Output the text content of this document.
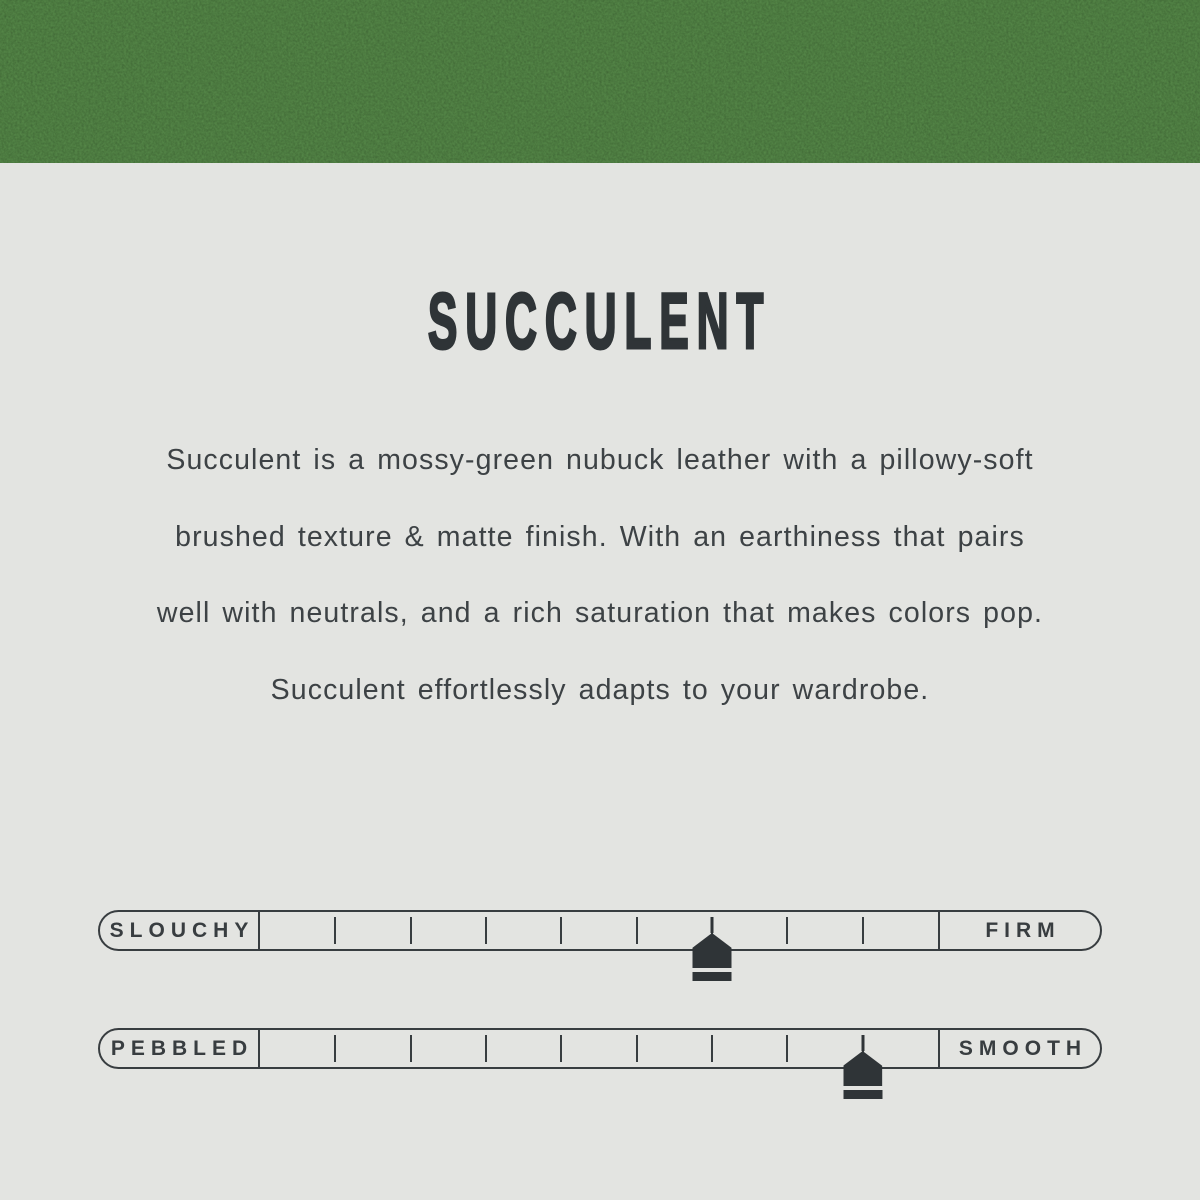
SUCCULENT
Succulent is a mossy-green nubuck leather with a pillowy-soft
brushed texture & matte finish. With an earthiness that pairs
well with neutrals, and a rich saturation that makes colors pop.
Succulent effortlessly adapts to your wardrobe.
SLOUCHY	FIRM
PEBBLED	SMOOTH
